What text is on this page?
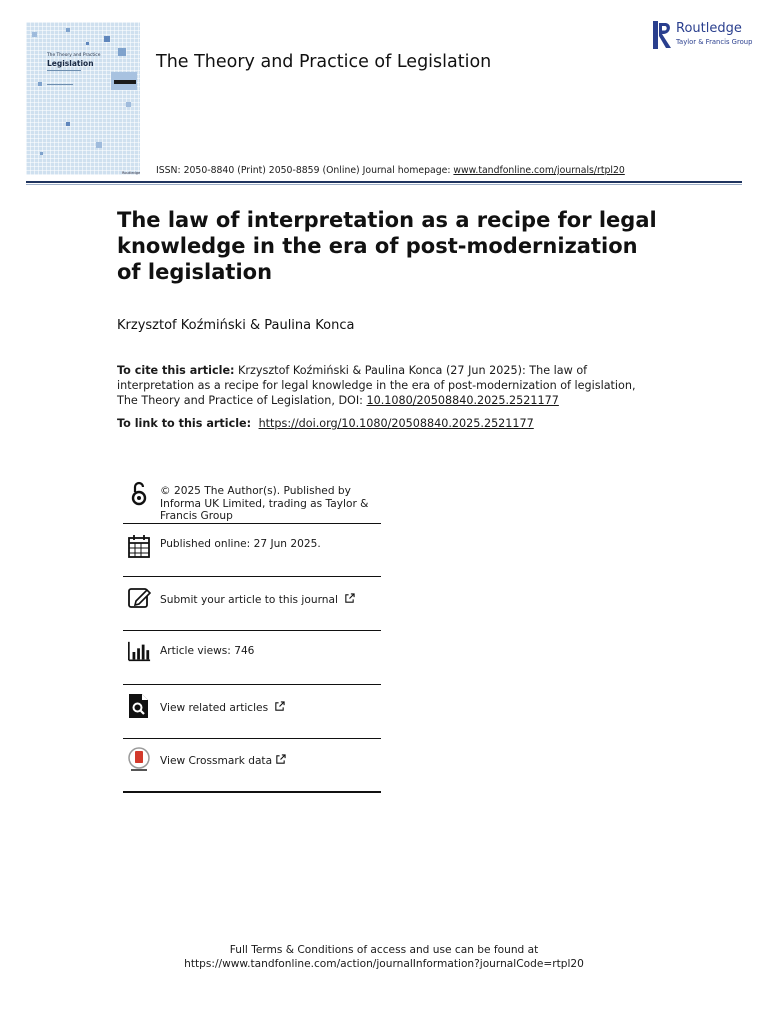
The Theory and Practice
Legislation
Routledge
The Theory and Practice of Legislation
ISSN: 2050-8840 (Print) 2050-8859 (Online) Journal homepage: www.tandfonline.com/journals/rtpl20
Routledge
Taylor & Francis Group
The law of interpretation as a recipe for legal knowledge in the era of post-modernization of legislation
Krzysztof Koźmiński & Paulina Konca
To cite this article: Krzysztof Koźmiński & Paulina Konca (27 Jun 2025): The law of interpretation as a recipe for legal knowledge in the era of post-modernization of legislation, The Theory and Practice of Legislation, DOI: 10.1080/20508840.2025.2521177
To link to this article:  https://doi.org/10.1080/20508840.2025.2521177
© 2025 The Author(s). Published by Informa UK Limited, trading as Taylor & Francis Group
Published online: 27 Jun 2025.
Submit your article to this journal
Article views: 746
View related articles
View Crossmark data
Full Terms & Conditions of access and use can be found at
https://www.tandfonline.com/action/journalInformation?journalCode=rtpl20
